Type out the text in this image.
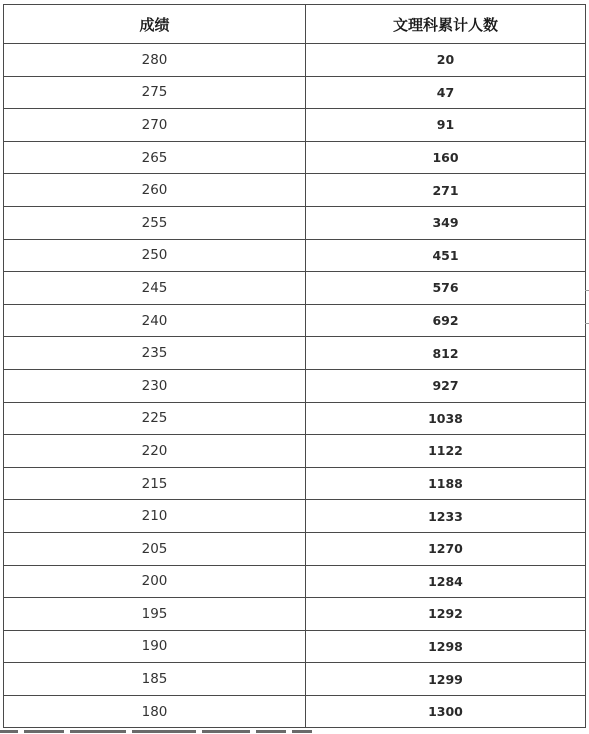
成绩	文理科累计人数
280	20
275	47
270	91
265	160
260	271
255	349
250	451
245	576
240	692
235	812
230	927
225	1038
220	1122
215	1188
210	1233
205	1270
200	1284
195	1292
190	1298
185	1299
180	1300
